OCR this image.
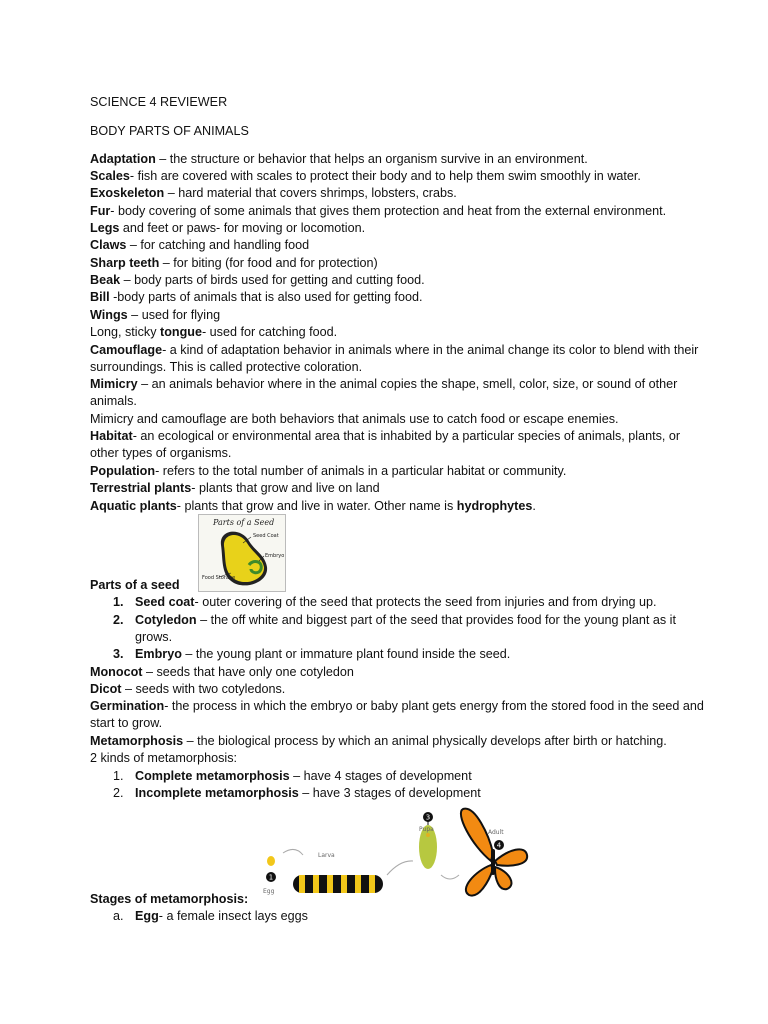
SCIENCE 4 REVIEWER
BODY PARTS OF ANIMALS
Adaptation – the structure or behavior that helps an organism survive in an environment.
Scales- fish are covered with scales to protect their body and to help them swim smoothly in water.
Exoskeleton – hard material that covers shrimps, lobsters, crabs.
Fur- body covering of some animals that gives them protection and heat from the external environment.
Legs and feet or paws- for moving or locomotion.
Claws – for catching and handling food
Sharp teeth – for biting (for food and for protection)
Beak – body parts of birds used for getting and cutting food.
Bill -body parts of animals that is also used for getting food.
Wings – used for flying
Long, sticky tongue- used for catching food.
Camouflage- a kind of adaptation behavior in animals where in the animal change its color to blend with their
surroundings. This is called protective coloration.
Mimicry – an animals behavior where in the animal copies the shape, smell, color, size, or sound of other
animals.
Mimicry and camouflage are both behaviors that animals use to catch food or escape enemies.
Habitat- an ecological or environmental area that is inhabited by a particular species of animals, plants, or
other types of organisms.
Population- refers to the total number of animals in a particular habitat or community.
Terrestrial plants- plants that grow and live on land
Aquatic plants- plants that grow and live in water. Other name is hydrophytes.
Parts of a Seed
Seed Coat
Embryo
Food Storage
Parts of a seed
1. Seed coat- outer covering of the seed that protects the seed from injuries and from drying up.
2. Cotyledon – the off white and biggest part of the seed that provides food for the young plant as it
grows.
3. Embryo – the young plant or immature plant found inside the seed.
Monocot – seeds that have only one cotyledon
Dicot – seeds with two cotyledons.
Germination- the process in which the embryo or baby plant gets energy from the stored food in the seed and
start to grow.
Metamorphosis – the biological process by which an animal physically develops after birth or hatching.
2 kinds of metamorphosis:
1. Complete metamorphosis – have 4 stages of development
2. Incomplete metamorphosis – have 3 stages of development
1
Egg
Larva
3
Pupa	Adult
4
Stages of metamorphosis:
a. Egg- a female insect lays eggs
